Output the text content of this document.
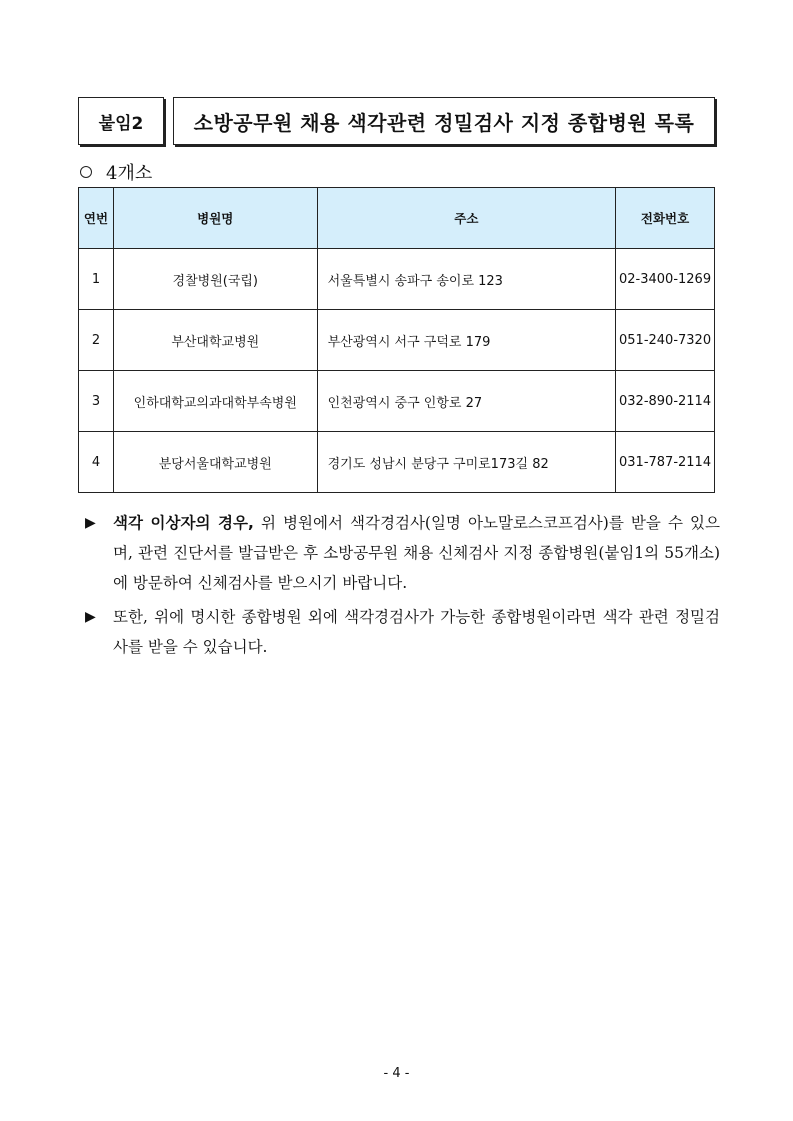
붙임2	소방공무원 채용 색각관련 정밀검사 지정 종합병원 목록
4개소
연번	병원명	주소	전화번호
1	경찰병원(국립)	서울특별시 송파구 송이로 123	02-3400-1269
2	부산대학교병원	부산광역시 서구 구덕로 179	051-240-7320
3	인하대학교의과대학부속병원	인천광역시 중구 인항로 27	032-890-2114
4	분당서울대학교병원	경기도 성남시 분당구 구미로173길 82	031-787-2114
▶	색각 이상자의 경우, 위 병원에서 색각경검사(일명 아노말로스코프검사)를 받을 수 있으며, 관련 진단서를 발급받은 후 소방공무원 채용 신체검사 지정 종합병원(붙임1의 55개소)에 방문하여 신체검사를 받으시기 바랍니다.
▶	또한, 위에 명시한 종합병원 외에 색각경검사가 가능한 종합병원이라면 색각 관련 정밀검사를 받을 수 있습니다.
- 4 -
